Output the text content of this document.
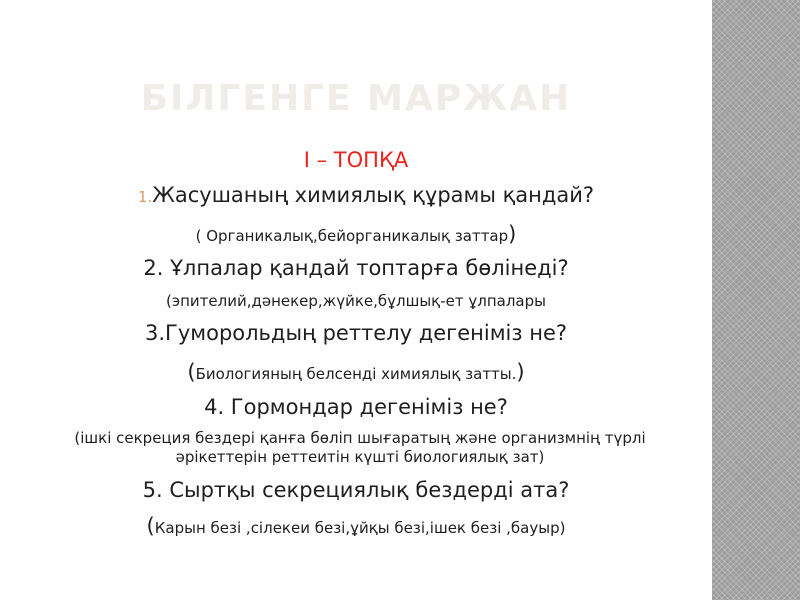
БІЛГЕНГЕ МАРЖАН
I – ТОПҚА
1.Жасушаның химиялық құрамы қандай?
( Органикалық,бейорганикалық заттар)
2. Ұлпалар қандай топтарға бөлінеді?
(эпителий,дәнекер,жүйке,бұлшық-ет ұлпалары
3.Гуморольдың реттелу дегеніміз не?
(Биологияның белсенді химиялық затты.)
4. Гормондар дегеніміз не?
(ішкі секреция бездері қанға бөліп шығаратың және организмнің түрлі әрікеттерін реттеитін күшті биологиялық зат)
5. Сыртқы секрециялық бездерді ата?
(Карын безі ,сілекеи безі,ұйқы безі,ішек безі ,бауыр)
